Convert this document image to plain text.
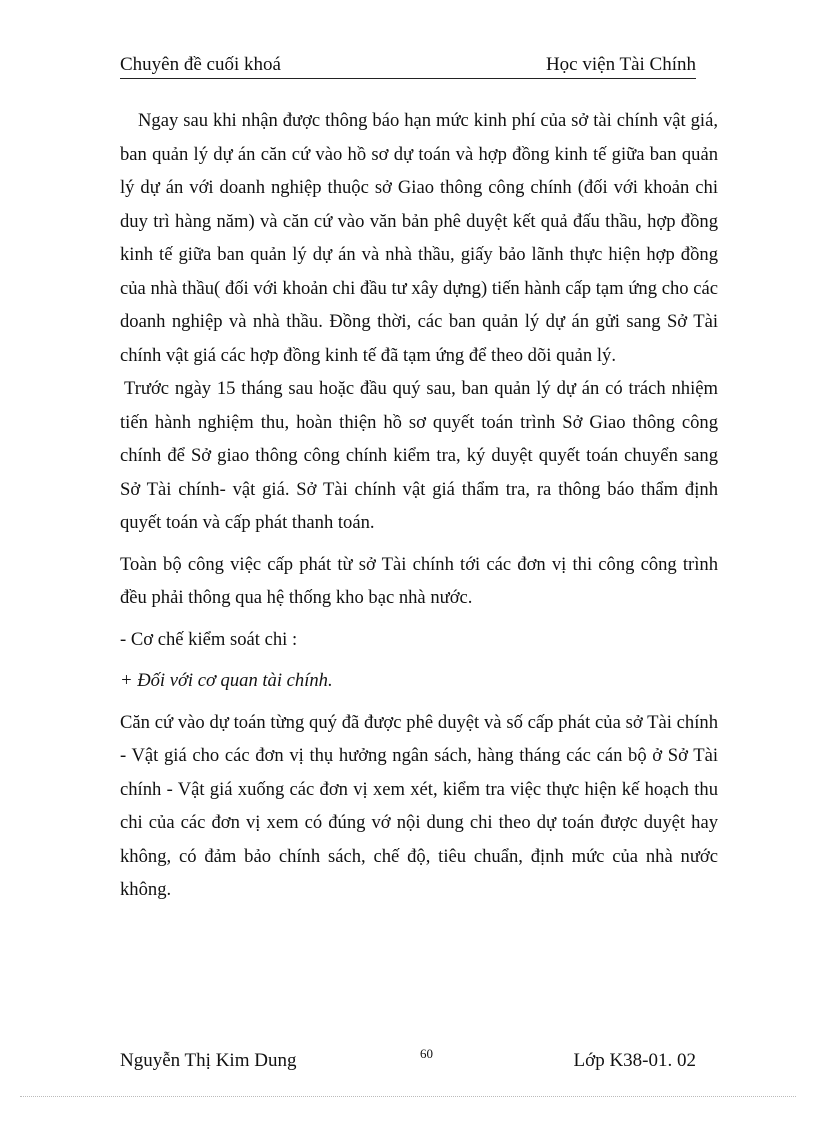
Chuyên đề cuối khoá	Học viện Tài Chính

Ngay sau khi nhận được thông báo hạn mức kinh phí của sở tài chính vật giá, ban quản lý dự án căn cứ vào hồ sơ dự toán và hợp đồng kinh tế giữa ban quản lý dự án với doanh nghiệp thuộc sở Giao thông công chính (đối với khoản chi duy trì hàng năm) và căn cứ vào văn bản phê duyệt kết quả đấu thầu, hợp đồng kinh tế giữa ban quản lý dự án và nhà thầu, giấy bảo lãnh thực hiện hợp đồng của nhà thầu( đối với khoản chi đầu tư xây dựng) tiến hành cấp tạm ứng cho các doanh nghiệp và nhà thầu. Đồng thời, các ban quản lý dự án gửi sang Sở Tài chính vật giá các hợp đồng kinh tế đã tạm ứng để theo dõi quản lý.

Trước ngày 15 tháng sau hoặc đầu quý sau, ban quản lý dự án có trách nhiệm tiến hành nghiệm thu, hoàn thiện hồ sơ quyết toán trình Sở Giao thông công chính để Sở giao thông công chính kiểm tra, ký duyệt quyết toán chuyển sang Sở Tài chính- vật giá. Sở Tài chính vật giá thẩm tra, ra thông báo thẩm định quyết toán và cấp phát thanh toán.

Toàn bộ công việc cấp phát từ sở Tài chính tới các đơn vị thi công công trình đều phải thông qua hệ thống kho bạc nhà nước.

- Cơ chế kiểm soát chi :

+ Đối với cơ quan tài chính.

Căn cứ vào dự toán từng quý đã được phê duyệt và số cấp phát của sở Tài chính - Vật giá cho các đơn vị thụ hưởng ngân sách, hàng tháng các cán bộ ở Sở Tài chính - Vật giá xuống các đơn vị xem xét, kiểm tra việc thực hiện kế hoạch thu chi của các đơn vị xem có đúng vớ nội dung chi theo dự toán được duyệt hay không, có đảm bảo chính sách, chế độ, tiêu chuẩn, định mức của nhà nước không.

Nguyễn Thị Kim Dung	60	Lớp K38-01. 02
